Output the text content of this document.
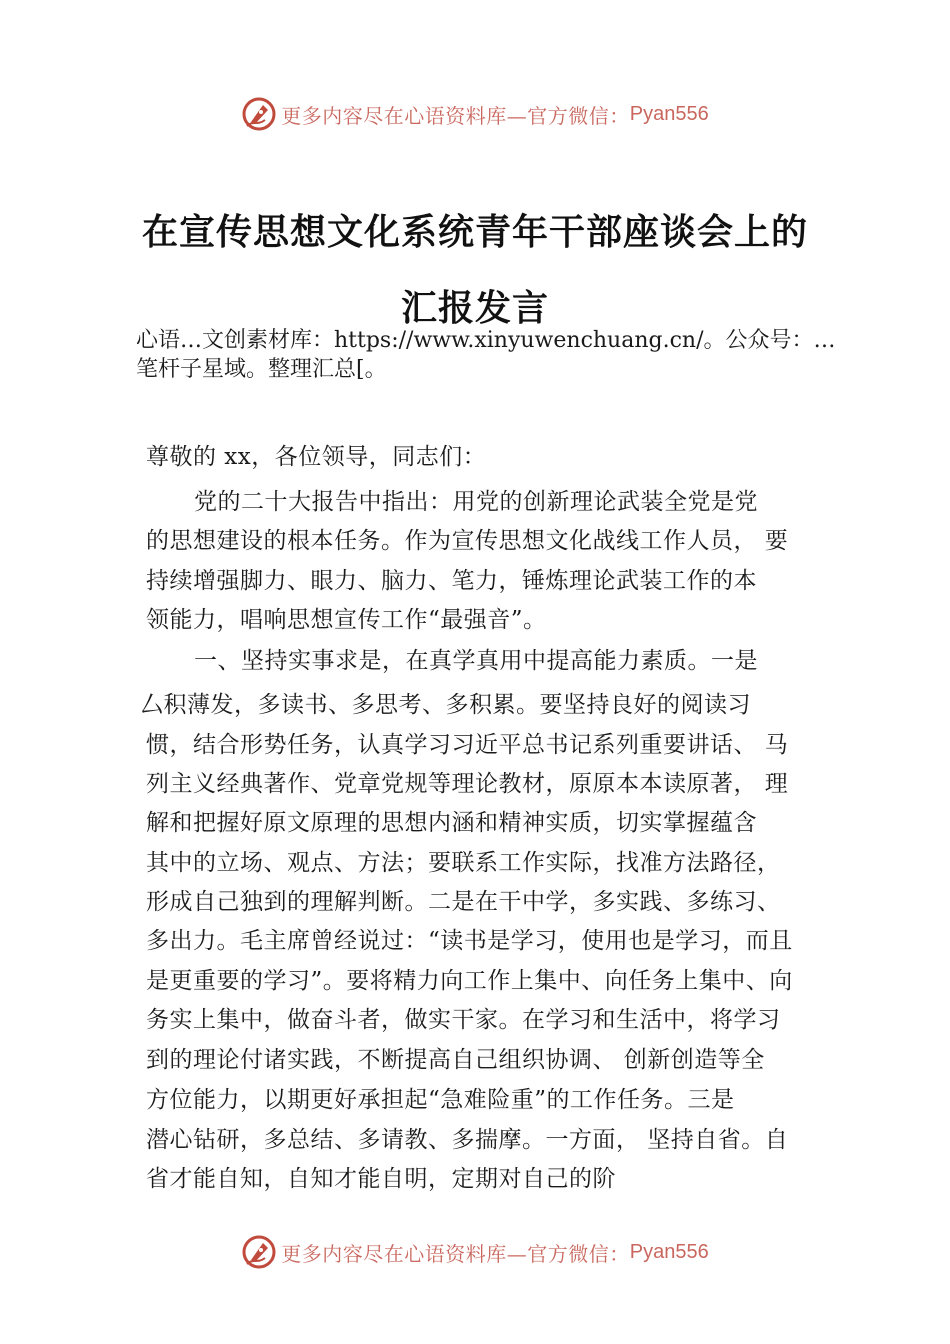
更多内容尽在心语资料库—官方微信： Pyan556
在宣传思想文化系统青年干部座谈会上的
汇报发言
心语…文创素材库：https://www.xinyuwenchuang.cn/。公众号：…笔杆子星域。整理汇总[。
尊敬的 xx，各位领导，同志们：
党的二十大报告中指出：用党的创新理论武装全党是党
的思想建设的根本任务。作为宣传思想文化战线工作人员， 要
持续增强脚力、眼力、脑力、笔力，锤炼理论武装工作的本
领能力，唱响思想宣传工作“最强音”。
一、坚持实事求是，在真学真用中提高能力素质。一是
厶积薄发，多读书、多思考、多积累。要坚持良好的阅读习
惯，结合形势任务，认真学习习近平总书记系列重要讲话、 马
列主义经典著作、党章党规等理论教材，原原本本读原著， 理
解和把握好原文原理的思想内涵和精神实质，切实掌握蕴含
其中的立场、观点、方法；要联系工作实际，找准方法路径，
形成自己独到的理解判断。二是在干中学，多实践、多练习、
多出力。毛主席曾经说过：“读书是学习，使用也是学习，而且
是更重要的学习”。要将精力向工作上集中、向任务上集中、向
务实上集中，做奋斗者，做实干家。在学习和生活中，将学习
到的理论付诸实践，不断提高自己组织协调、 创新创造等全
方位能力，以期更好承担起“急难险重”的工作任务。三是
潜心钻研，多总结、多请教、多揣摩。一方面， 坚持自省。自
省才能自知，自知才能自明，定期对自己的阶
更多内容尽在心语资料库—官方微信： Pyan556
